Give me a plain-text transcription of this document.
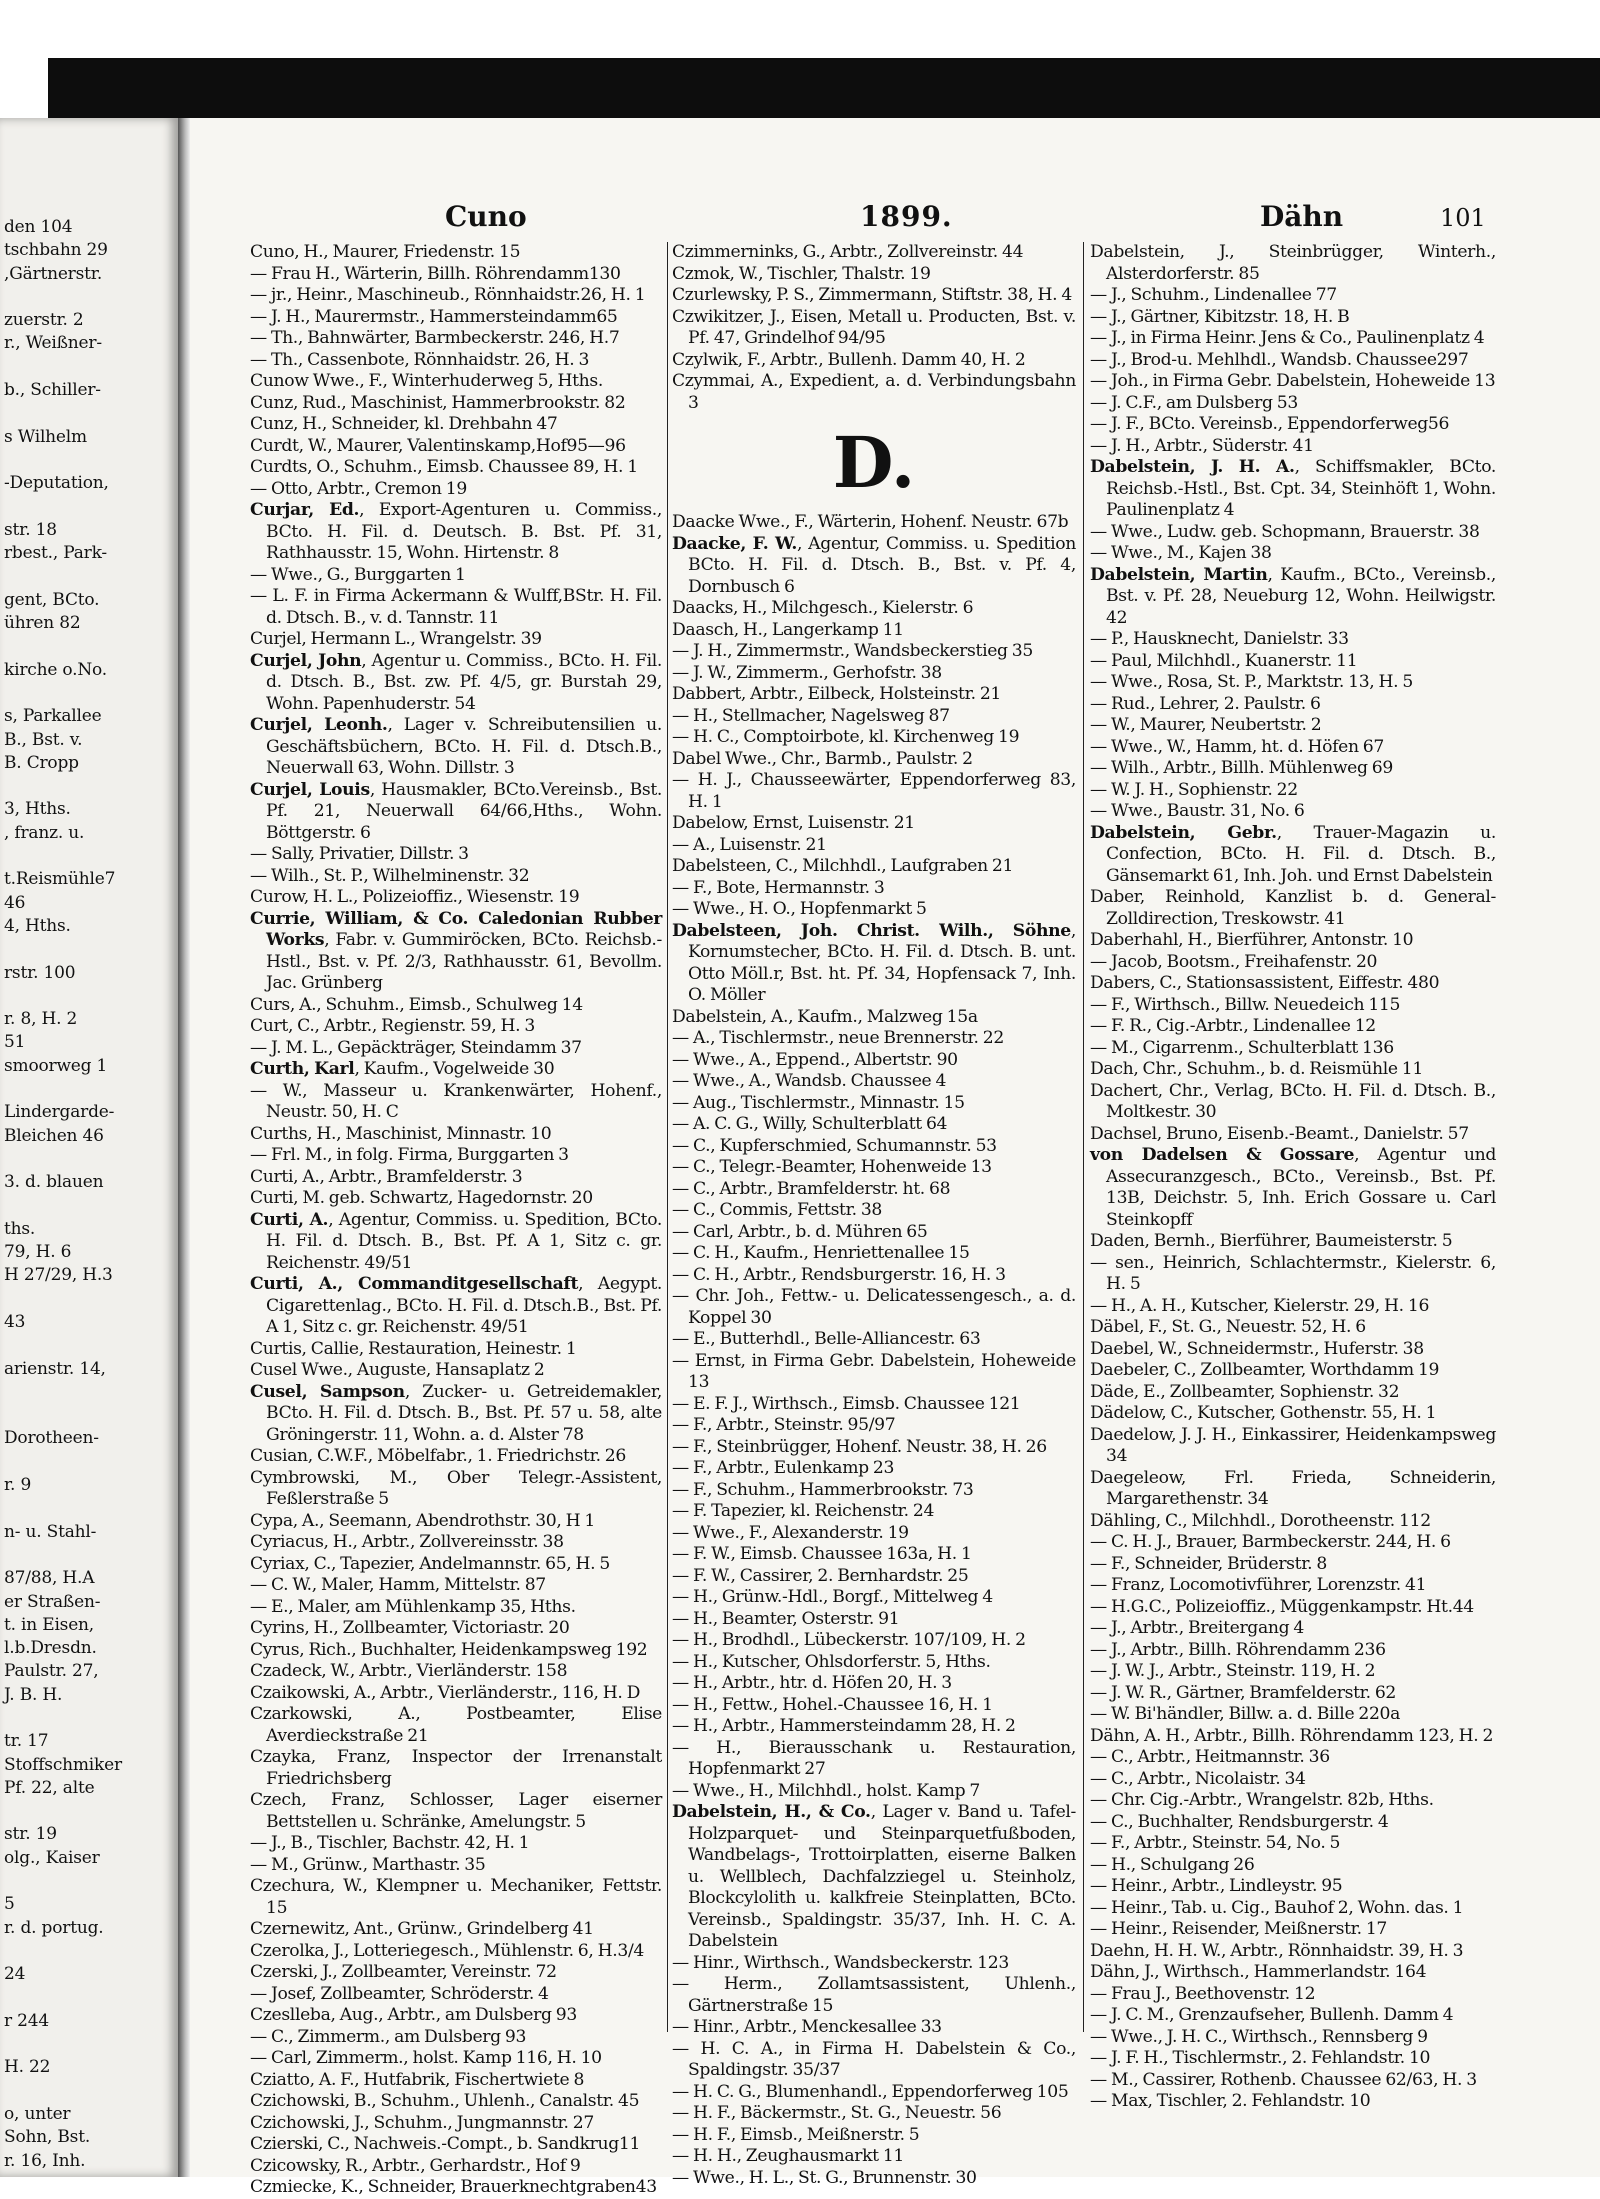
den 104
tschbahn 29
,Gärtnerstr.
zuerstr. 2
r., Weißner-
b., Schiller-
s Wilhelm
-Deputation,
str. 18
rbest., Park-
gent, BCto.
ühren 82
kirche o.No.
s, Parkallee
B., Bst. v.
B. Cropp
3, Hths.
, franz. u.
t.Reismühle7
46
4, Hths.
rstr. 100
r. 8, H. 2
51
smoorweg 1
Lindergarde-
Bleichen 46
3. d. blauen
ths.
79, H. 6
H 27/29, H.3
43
arienstr. 14,
Dorotheen-
r. 9
n- u. Stahl-
87/88, H.A
er Straßen-
t. in Eisen,
l.b.Dresdn.
Paulstr. 27,
J. B. H.
tr. 17
Stoffschmiker
Pf. 22, alte
str. 19
olg., Kaiser
5
r. d. portug.
24
r 244
H. 22
o, unter
Sohn, Bst.
r. 16, Inh.
Cuno	1899.	Dähn	101
Cuno, H., Maurer, Friedenstr. 15
— Frau H., Wärterin, Billh. Röhrendamm130
— jr., Heinr., Maschineub., Rönnhaidstr.26, H. 1
— J. H., Maurermstr., Hammersteindamm65
— Th., Bahnwärter, Barmbeckerstr. 246, H.7
— Th., Cassenbote, Rönnhaidstr. 26, H. 3
Cunow Wwe., F., Winterhuderweg 5, Hths.
Cunz, Rud., Maschinist, Hammerbrookstr. 82
Cunz, H., Schneider, kl. Drehbahn 47
Curdt, W., Maurer, Valentinskamp,Hof95—96
Curdts, O., Schuhm., Eimsb. Chaussee 89, H. 1
— Otto, Arbtr., Cremon 19
Curjar, Ed., Export-Agenturen u. Commiss., BCto. H. Fil. d. Deutsch. B. Bst. Pf. 31, Rathhausstr. 15, Wohn. Hirtenstr. 8
— Wwe., G., Burggarten 1
— L. F. in Firma Ackermann & Wulff,BStr. H. Fil. d. Dtsch. B., v. d. Tannstr. 11
Curjel, Hermann L., Wrangelstr. 39
Curjel, John, Agentur u. Commiss., BCto. H. Fil. d. Dtsch. B., Bst. zw. Pf. 4/5, gr. Burstah 29, Wohn. Papenhuderstr. 54
Curjel, Leonh., Lager v. Schreibutensilien u. Geschäftsbüchern, BCto. H. Fil. d. Dtsch.B., Neuerwall 63, Wohn. Dillstr. 3
Curjel, Louis, Hausmakler, BCto.Vereinsb., Bst. Pf. 21, Neuerwall 64/66,Hths., Wohn. Böttgerstr. 6
— Sally, Privatier, Dillstr. 3
— Wilh., St. P., Wilhelminenstr. 32
Curow, H. L., Polizeioffiz., Wiesenstr. 19
Currie, William, & Co. Caledonian Rubber Works, Fabr. v. Gummiröcken, BCto. Reichsb.-Hstl., Bst. v. Pf. 2/3, Rathhausstr. 61, Bevollm. Jac. Grünberg
Curs, A., Schuhm., Eimsb., Schulweg 14
Curt, C., Arbtr., Regienstr. 59, H. 3
— J. M. L., Gepäckträger, Steindamm 37
Curth, Karl, Kaufm., Vogelweide 30
— W., Masseur u. Krankenwärter, Hohenf., Neustr. 50, H. C
Curths, H., Maschinist, Minnastr. 10
— Frl. M., in folg. Firma, Burggarten 3
Curti, A., Arbtr., Bramfelderstr. 3
Curti, M. geb. Schwartz, Hagedornstr. 20
Curti, A., Agentur, Commiss. u. Spedition, BCto. H. Fil. d. Dtsch. B., Bst. Pf. A 1, Sitz c. gr. Reichenstr. 49/51
Curti, A., Commanditgesellschaft, Aegypt. Cigarettenlag., BCto. H. Fil. d. Dtsch.B., Bst. Pf. A 1, Sitz c. gr. Reichenstr. 49/51
Curtis, Callie, Restauration, Heinestr. 1
Cusel Wwe., Auguste, Hansaplatz 2
Cusel, Sampson, Zucker- u. Getreidemakler, BCto. H. Fil. d. Dtsch. B., Bst. Pf. 57 u. 58, alte Gröningerstr. 11, Wohn. a. d. Alster 78
Cusian, C.W.F., Möbelfabr., 1. Friedrichstr. 26
Cymbrowski, M., Ober Telegr.-Assistent, Feßlerstraße 5
Cypa, A., Seemann, Abendrothstr. 30, H 1
Cyriacus, H., Arbtr., Zollvereinsstr. 38
Cyriax, C., Tapezier, Andelmannstr. 65, H. 5
— C. W., Maler, Hamm, Mittelstr. 87
— E., Maler, am Mühlenkamp 35, Hths.
Cyrins, H., Zollbeamter, Victoriastr. 20
Cyrus, Rich., Buchhalter, Heidenkampsweg 192
Czadeck, W., Arbtr., Vierländerstr. 158
Czaikowski, A., Arbtr., Vierländerstr., 116, H. D
Czarkowski, A., Postbeamter, Elise Averdieckstraße 21
Czayka, Franz, Inspector der Irrenanstalt Friedrichsberg
Czech, Franz, Schlosser, Lager eiserner Bettstellen u. Schränke, Amelungstr. 5
— J., B., Tischler, Bachstr. 42, H. 1
— M., Grünw., Marthastr. 35
Czechura, W., Klempner u. Mechaniker, Fettstr. 15
Czernewitz, Ant., Grünw., Grindelberg 41
Czerolka, J., Lotteriegesch., Mühlenstr. 6, H.3/4
Czerski, J., Zollbeamter, Vereinstr. 72
— Josef, Zollbeamter, Schröderstr. 4
Czeslleba, Aug., Arbtr., am Dulsberg 93
— C., Zimmerm., am Dulsberg 93
— Carl, Zimmerm., holst. Kamp 116, H. 10
Cziatto, A. F., Hutfabrik, Fischertwiete 8
Czichowski, B., Schuhm., Uhlenh., Canalstr. 45
Czichowski, J., Schuhm., Jungmannstr. 27
Czierski, C., Nachweis.-Compt., b. Sandkrug11
Czicowsky, R., Arbtr., Gerhardstr., Hof 9
Czmiecke, K., Schneider, Brauerknechtgraben43
Czimmerninks, G., Arbtr., Zollvereinstr. 44
Czmok, W., Tischler, Thalstr. 19
Czurlewsky, P. S., Zimmermann, Stiftstr. 38, H. 4
Czwikitzer, J., Eisen, Metall u. Producten, Bst. v. Pf. 47, Grindelhof 94/95
Czylwik, F., Arbtr., Bullenh. Damm 40, H. 2
Czymmai, A., Expedient, a. d. Verbindungsbahn 3
D.
Daacke Wwe., F., Wärterin, Hohenf. Neustr. 67b
Daacke, F. W., Agentur, Commiss. u. Spedition BCto. H. Fil. d. Dtsch. B., Bst. v. Pf. 4, Dornbusch 6
Daacks, H., Milchgesch., Kielerstr. 6
Daasch, H., Langerkamp 11
— J. H., Zimmermstr., Wandsbeckerstieg 35
— J. W., Zimmerm., Gerhofstr. 38
Dabbert, Arbtr., Eilbeck, Holsteinstr. 21
— H., Stellmacher, Nagelsweg 87
— H. C., Comptoirbote, kl. Kirchenweg 19
Dabel Wwe., Chr., Barmb., Paulstr. 2
— H. J., Chausseewärter, Eppendorferweg 83, H. 1
Dabelow, Ernst, Luisenstr. 21
— A., Luisenstr. 21
Dabelsteen, C., Milchhdl., Laufgraben 21
— F., Bote, Hermannstr. 3
— Wwe., H. O., Hopfenmarkt 5
Dabelsteen, Joh. Christ. Wilh., Söhne, Kornumstecher, BCto. H. Fil. d. Dtsch. B. unt. Otto Möll.r, Bst. ht. Pf. 34, Hopfensack 7, Inh. O. Möller
Dabelstein, A., Kaufm., Malzweg 15a
— A., Tischlermstr., neue Brennerstr. 22
— Wwe., A., Eppend., Albertstr. 90
— Wwe., A., Wandsb. Chaussee 4
— Aug., Tischlermstr., Minnastr. 15
— A. C. G., Willy, Schulterblatt 64
— C., Kupferschmied, Schumannstr. 53
— C., Telegr.-Beamter, Hohenweide 13
— C., Arbtr., Bramfelderstr. ht. 68
— C., Commis, Fettstr. 38
— Carl, Arbtr., b. d. Mühren 65
— C. H., Kaufm., Henriettenallee 15
— C. H., Arbtr., Rendsburgerstr. 16, H. 3
— Chr. Joh., Fettw.- u. Delicatessengesch., a. d. Koppel 30
— E., Butterhdl., Belle-Alliancestr. 63
— Ernst, in Firma Gebr. Dabelstein, Hoheweide 13
— E. F. J., Wirthsch., Eimsb. Chaussee 121
— F., Arbtr., Steinstr. 95/97
— F., Steinbrügger, Hohenf. Neustr. 38, H. 26
— F., Arbtr., Eulenkamp 23
— F., Schuhm., Hammerbrookstr. 73
— F. Tapezier, kl. Reichenstr. 24
— Wwe., F., Alexanderstr. 19
— F. W., Eimsb. Chaussee 163a, H. 1
— F. W., Cassirer, 2. Bernhardstr. 25
— H., Grünw.-Hdl., Borgf., Mittelweg 4
— H., Beamter, Osterstr. 91
— H., Brodhdl., Lübeckerstr. 107/109, H. 2
— H., Kutscher, Ohlsdorferstr. 5, Hths.
— H., Arbtr., htr. d. Höfen 20, H. 3
— H., Fettw., Hohel.-Chaussee 16, H. 1
— H., Arbtr., Hammersteindamm 28, H. 2
— H., Bierausschank u. Restauration, Hopfenmarkt 27
— Wwe., H., Milchhdl., holst. Kamp 7
Dabelstein, H., & Co., Lager v. Band u. Tafel-Holzparquet- und Steinparquetfußboden, Wandbelags-, Trottoirplatten, eiserne Balken u. Wellblech, Dachfalzziegel u. Steinholz, Blockcylolith u. kalkfreie Steinplatten, BCto. Vereinsb., Spaldingstr. 35/37, Inh. H. C. A. Dabelstein
— Hinr., Wirthsch., Wandsbeckerstr. 123
— Herm., Zollamtsassistent, Uhlenh., Gärtnerstraße 15
— Hinr., Arbtr., Menckesallee 33
— H. C. A., in Firma H. Dabelstein & Co., Spaldingstr. 35/37
— H. C. G., Blumenhandl., Eppendorferweg 105
— H. F., Bäckermstr., St. G., Neuestr. 56
— H. F., Eimsb., Meißnerstr. 5
— H. H., Zeughausmarkt 11
— Wwe., H. L., St. G., Brunnenstr. 30
Dabelstein, J., Steinbrügger, Winterh., Alsterdorferstr. 85
— J., Schuhm., Lindenallee 77
— J., Gärtner, Kibitzstr. 18, H. B
— J., in Firma Heinr. Jens & Co., Paulinenplatz 4
— J., Brod-u. Mehlhdl., Wandsb. Chaussee297
— Joh., in Firma Gebr. Dabelstein, Hoheweide 13
— J. C.F., am Dulsberg 53
— J. F., BCto. Vereinsb., Eppendorferweg56
— J. H., Arbtr., Süderstr. 41
Dabelstein, J. H. A., Schiffsmakler, BCto. Reichsb.-Hstl., Bst. Cpt. 34, Steinhöft 1, Wohn. Paulinenplatz 4
— Wwe., Ludw. geb. Schopmann, Brauerstr. 38
— Wwe., M., Kajen 38
Dabelstein, Martin, Kaufm., BCto., Vereinsb., Bst. v. Pf. 28, Neueburg 12, Wohn. Heilwigstr. 42
— P., Hausknecht, Danielstr. 33
— Paul, Milchhdl., Kuanerstr. 11
— Wwe., Rosa, St. P., Marktstr. 13, H. 5
— Rud., Lehrer, 2. Paulstr. 6
— W., Maurer, Neubertstr. 2
— Wwe., W., Hamm, ht. d. Höfen 67
— Wilh., Arbtr., Billh. Mühlenweg 69
— W. J. H., Sophienstr. 22
— Wwe., Baustr. 31, No. 6
Dabelstein, Gebr., Trauer-Magazin u. Confection, BCto. H. Fil. d. Dtsch. B., Gänsemarkt 61, Inh. Joh. und Ernst Dabelstein
Daber, Reinhold, Kanzlist b. d. General-Zolldirection, Treskowstr. 41
Daberhahl, H., Bierführer, Antonstr. 10
— Jacob, Bootsm., Freihafenstr. 20
Dabers, C., Stationsassistent, Eiffestr. 480
— F., Wirthsch., Billw. Neuedeich 115
— F. R., Cig.-Arbtr., Lindenallee 12
— M., Cigarrenm., Schulterblatt 136
Dach, Chr., Schuhm., b. d. Reismühle 11
Dachert, Chr., Verlag, BCto. H. Fil. d. Dtsch. B., Moltkestr. 30
Dachsel, Bruno, Eisenb.-Beamt., Danielstr. 57
von Dadelsen & Gossare, Agentur und Assecuranzgesch., BCto., Vereinsb., Bst. Pf. 13B, Deichstr. 5, Inh. Erich Gossare u. Carl Steinkopff
Daden, Bernh., Bierführer, Baumeisterstr. 5
— sen., Heinrich, Schlachtermstr., Kielerstr. 6, H. 5
— H., A. H., Kutscher, Kielerstr. 29, H. 16
Däbel, F., St. G., Neuestr. 52, H. 6
Daebel, W., Schneidermstr., Huferstr. 38
Daebeler, C., Zollbeamter, Worthdamm 19
Däde, E., Zollbeamter, Sophienstr. 32
Dädelow, C., Kutscher, Gothenstr. 55, H. 1
Daedelow, J. J. H., Einkassirer, Heidenkampsweg 34
Daegeleow, Frl. Frieda, Schneiderin, Margarethenstr. 34
Dähling, C., Milchhdl., Dorotheenstr. 112
— C. H. J., Brauer, Barmbeckerstr. 244, H. 6
— F., Schneider, Brüderstr. 8
— Franz, Locomotivführer, Lorenzstr. 41
— H.G.C., Polizeioffiz., Müggenkampstr. Ht.44
— J., Arbtr., Breitergang 4
— J., Arbtr., Billh. Röhrendamm 236
— J. W. J., Arbtr., Steinstr. 119, H. 2
— J. W. R., Gärtner, Bramfelderstr. 62
— W. Bi'händler, Billw. a. d. Bille 220a
Dähn, A. H., Arbtr., Billh. Röhrendamm 123, H. 2
— C., Arbtr., Heitmannstr. 36
— C., Arbtr., Nicolaistr. 34
— Chr. Cig.-Arbtr., Wrangelstr. 82b, Hths.
— C., Buchhalter, Rendsburgerstr. 4
— F., Arbtr., Steinstr. 54, No. 5
— H., Schulgang 26
— Heinr., Arbtr., Lindleystr. 95
— Heinr., Tab. u. Cig., Bauhof 2, Wohn. das. 1
— Heinr., Reisender, Meißnerstr. 17
Daehn, H. H. W., Arbtr., Rönnhaidstr. 39, H. 3
Dähn, J., Wirthsch., Hammerlandstr. 164
— Frau J., Beethovenstr. 12
— J. C. M., Grenzaufseher, Bullenh. Damm 4
— Wwe., J. H. C., Wirthsch., Rennsberg 9
— J. F. H., Tischlermstr., 2. Fehlandstr. 10
— M., Cassirer, Rothenb. Chaussee 62/63, H. 3
— Max, Tischler, 2. Fehlandstr. 10
